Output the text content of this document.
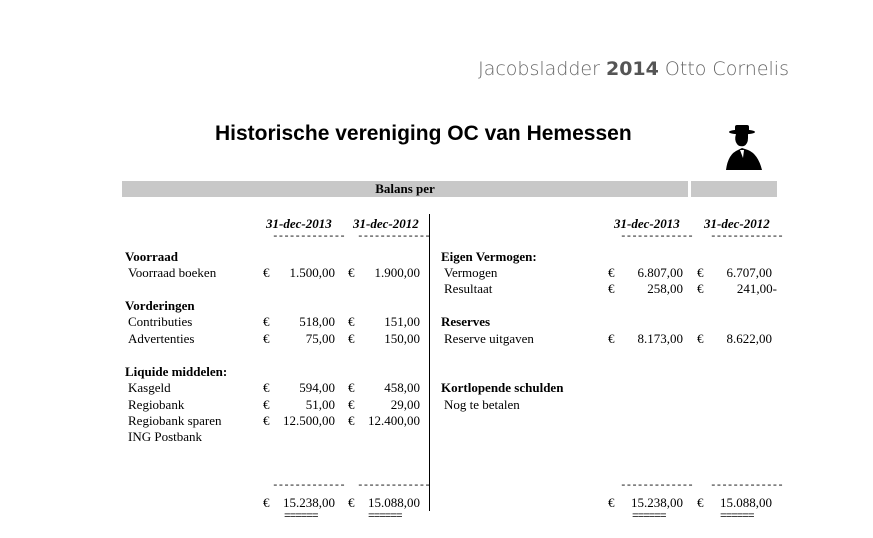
Jacobsladder 2014 Otto Cornelis
Historische vereniging OC van Hemessen
Balans per
31-dec-2013 31-dec-2012
------------- -------------
31-dec-2013 31-dec-2012
------------- -------------
Voorraad
Voorraad boeken	€	1.500,00 €	1.900,00
Vorderingen
Contributies	€	518,00 €	151,00
Advertenties	€	75,00 €	150,00
Liquide middelen:
Kasgeld	€	594,00 €	458,00
Regiobank	€	51,00 €	29,00
Regiobank sparen	€	12.500,00 €	12.400,00
ING Postbank
------------- -------------
€	15.238,00 €	15.088,00
======	======
Eigen Vermogen:
Vermogen	€	6.807,00 €	6.707,00
Resultaat	€	258,00 €	241,00-
Reserves
Reserve uitgaven	€	8.173,00 €	8.622,00
Kortlopende schulden
Nog te betalen
------------- -------------
€	15.238,00 €	15.088,00
======	======
